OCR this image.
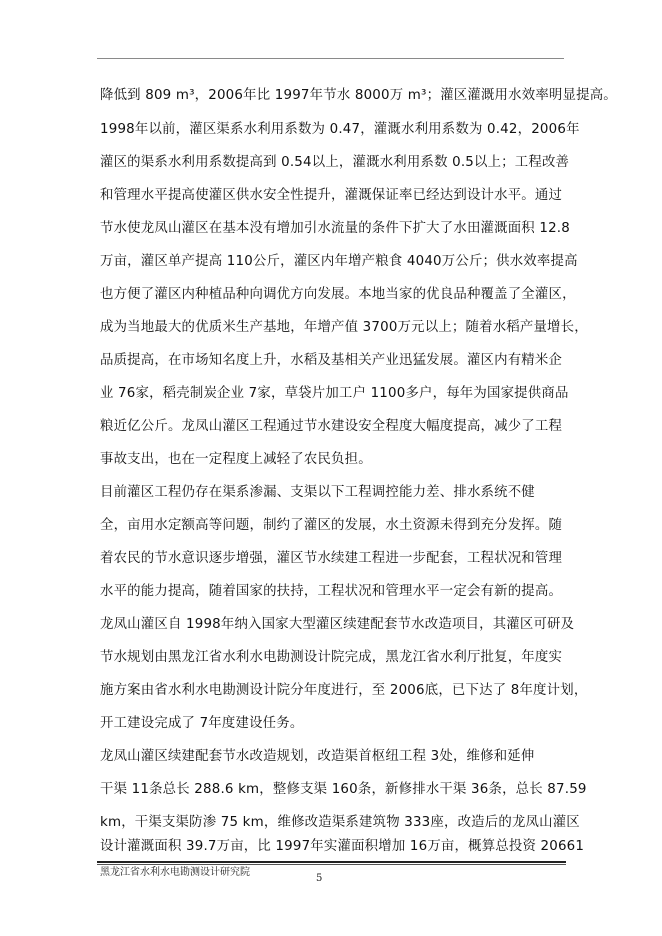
降低到 809 m³，2006年比 1997年节水 8000万 m³；灌区灌溉用水效率明显提高。
1998年以前，灌区渠系水利用系数为 0.47，灌溉水利用系数为 0.42，2006年
灌区的渠系水利用系数提高到 0.54以上，灌溉水利用系数 0.5以上；工程改善
和管理水平提高使灌区供水安全性提升，灌溉保证率已经达到设计水平。通过
节水使龙凤山灌区在基本没有增加引水流量的条件下扩大了水田灌溉面积 12.8
万亩，灌区单产提高 110公斤，灌区内年增产粮食 4040万公斤；供水效率提高
也方便了灌区内种植品种向调优方向发展。本地当家的优良品种覆盖了全灌区，
成为当地最大的优质米生产基地，年增产值 3700万元以上；随着水稻产量增长，
品质提高，在市场知名度上升，水稻及基相关产业迅猛发展。灌区内有精米企
业 76家，稻壳制炭企业 7家，草袋片加工户 1100多户，每年为国家提供商品
粮近亿公斤。龙凤山灌区工程通过节水建设安全程度大幅度提高，减少了工程
事故支出，也在一定程度上减轻了农民负担。
目前灌区工程仍存在渠系渗漏、支渠以下工程调控能力差、排水系统不健
全，亩用水定额高等问题，制约了灌区的发展，水土资源未得到充分发挥。随
着农民的节水意识逐步增强，灌区节水续建工程进一步配套，工程状况和管理
水平的能力提高，随着国家的扶持，工程状况和管理水平一定会有新的提高。
龙凤山灌区自 1998年纳入国家大型灌区续建配套节水改造项目，其灌区可研及
节水规划由黑龙江省水利水电勘测设计院完成，黑龙江省水利厅批复，年度实
施方案由省水利水电勘测设计院分年度进行，至 2006底，已下达了 8年度计划，
开工建设完成了 7年度建设任务。
龙凤山灌区续建配套节水改造规划，改造渠首枢纽工程 3处，维修和延伸
干渠 11条总长 288.6 km，整修支渠 160条，新修排水干渠 36条，总长 87.59
km，干渠支渠防渗 75 km，维修改造渠系建筑物 333座，改造后的龙凤山灌区
设计灌溉面积 39.7万亩，比 1997年实灌面积增加 16万亩，概算总投资 20661
黑龙江省水利水电勘测设计研究院
5
